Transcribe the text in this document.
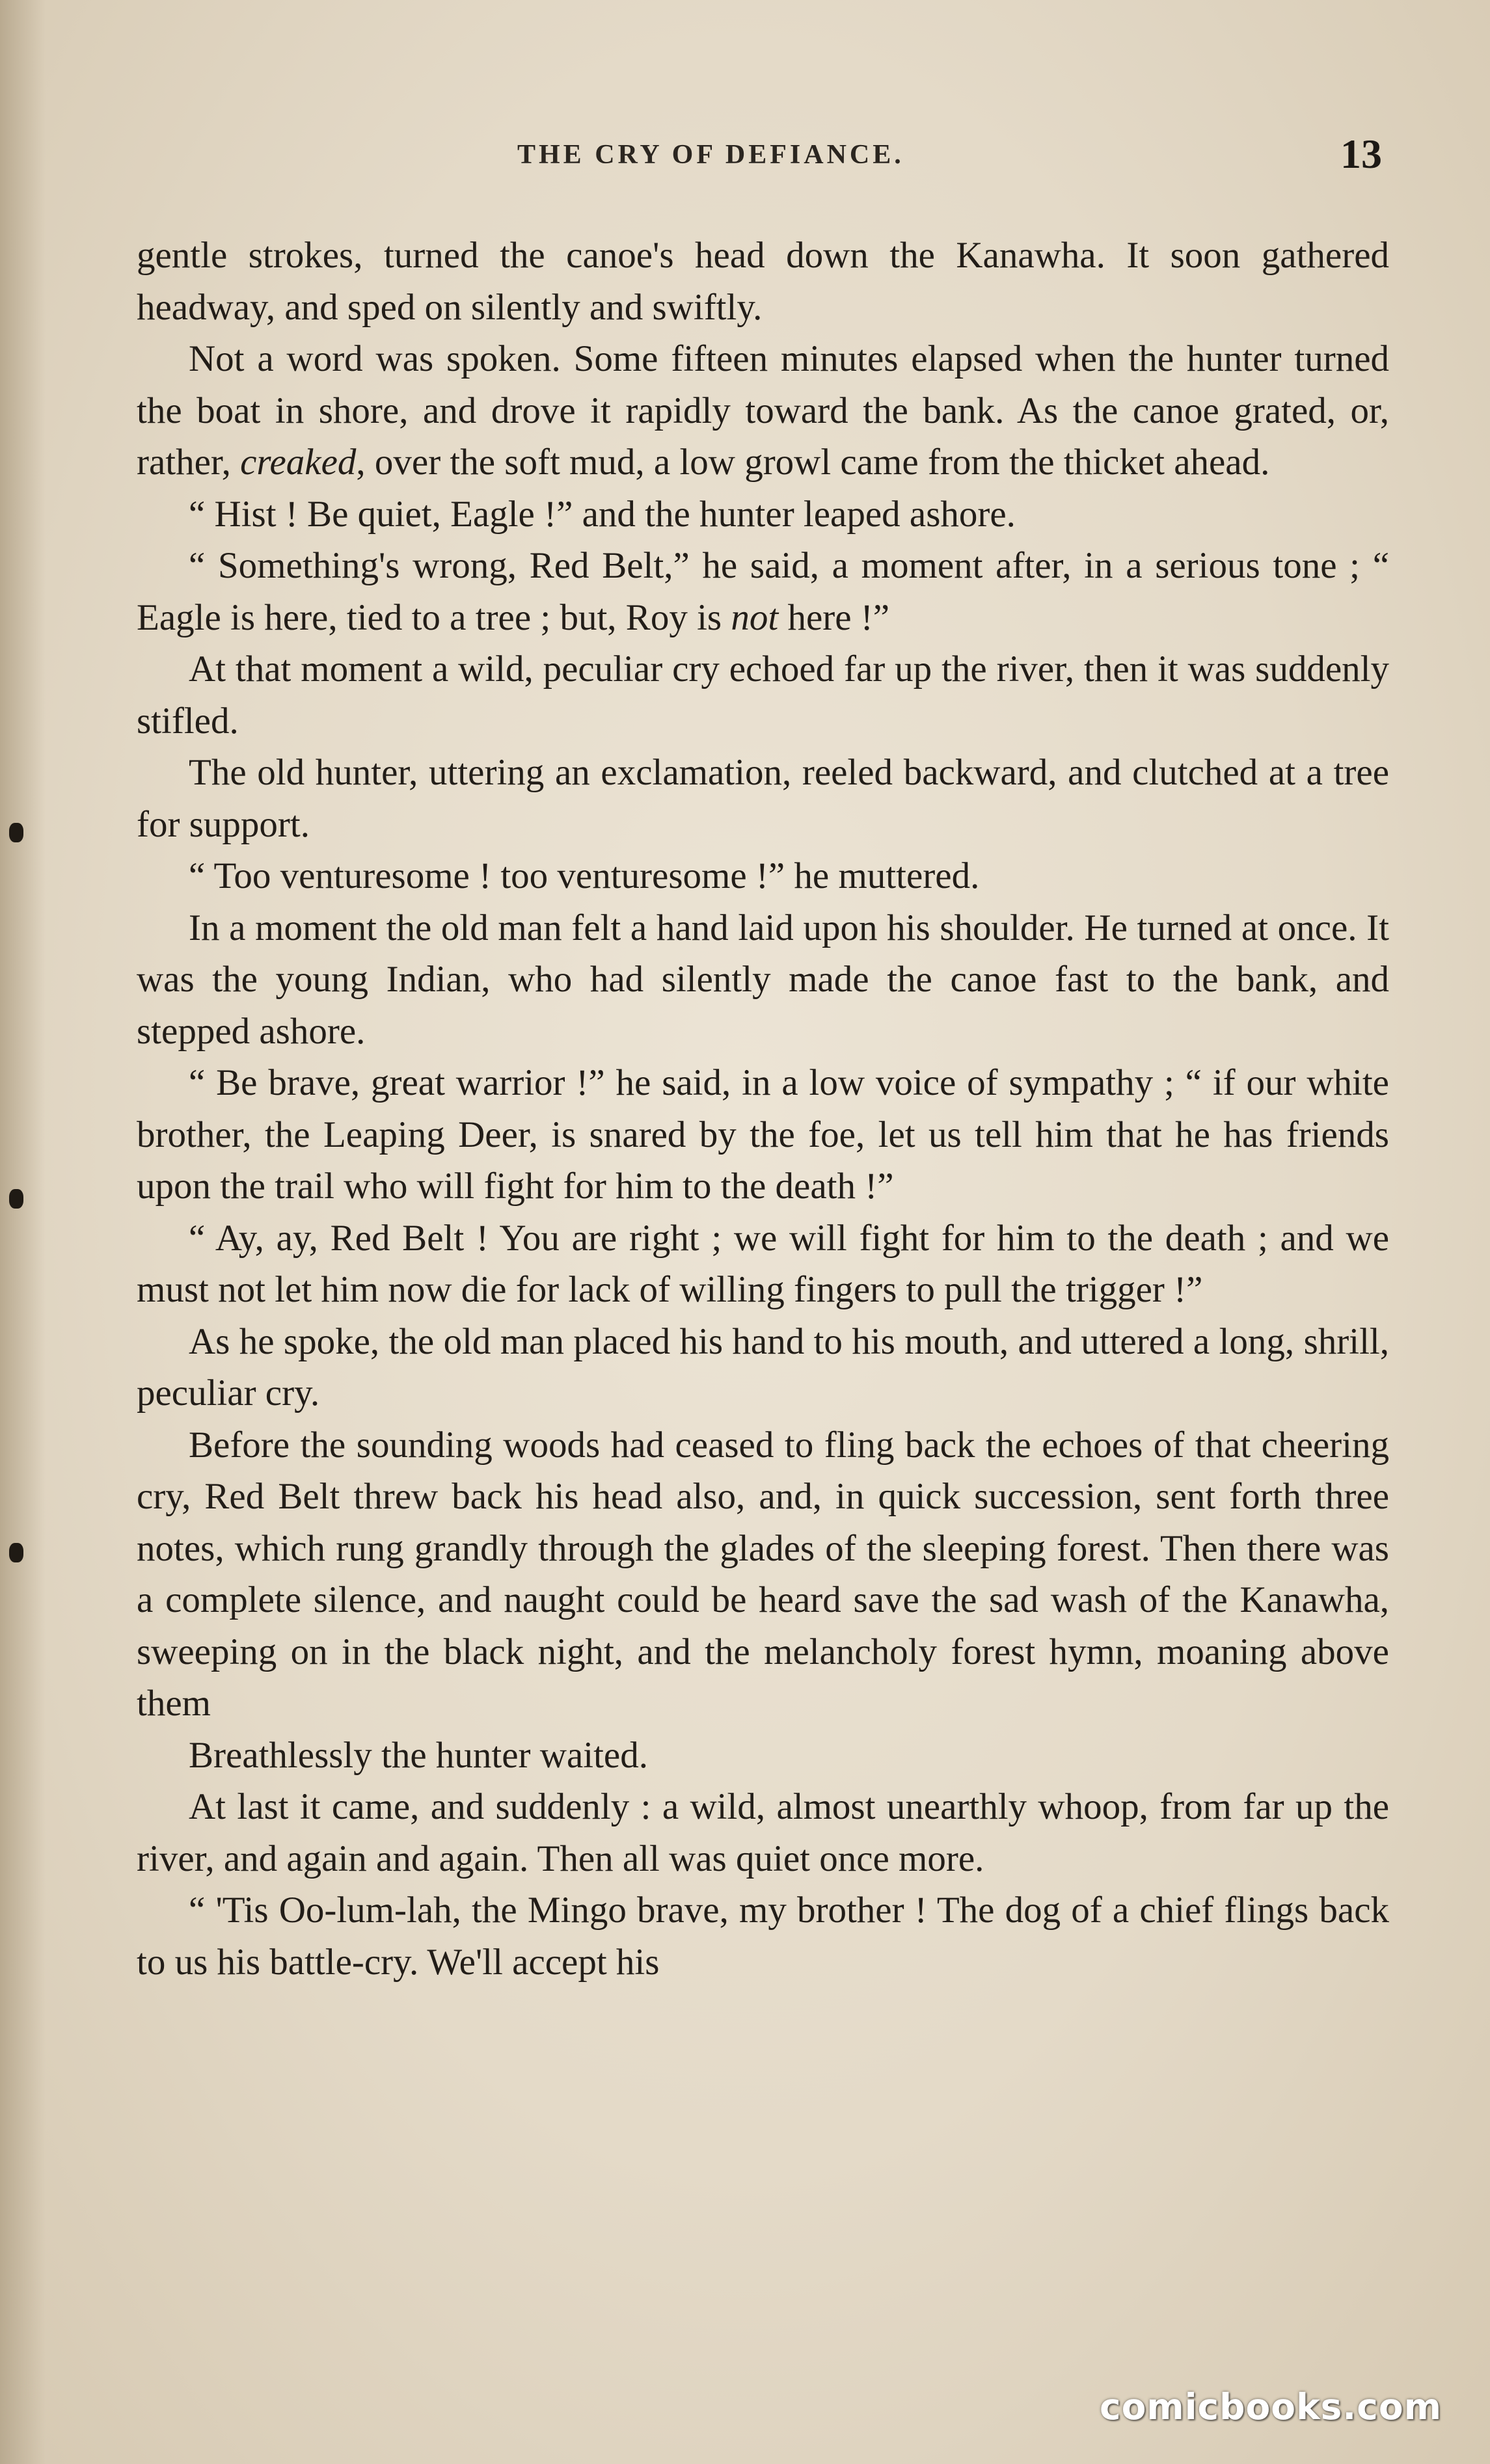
THE CRY OF DEFIANCE.	13

gentle strokes, turned the canoe's head down the Kanawha. It soon gathered headway, and sped on silently and swiftly.

Not a word was spoken. Some fifteen minutes elapsed when the hunter turned the boat in shore, and drove it rapidly toward the bank. As the canoe grated, or, rather, creaked, over the soft mud, a low growl came from the thicket ahead.

“ Hist ! Be quiet, Eagle !” and the hunter leaped ashore.

“ Something's wrong, Red Belt,” he said, a moment after, in a serious tone ; “ Eagle is here, tied to a tree ; but, Roy is not here !”

At that moment a wild, peculiar cry echoed far up the river, then it was suddenly stifled.

The old hunter, uttering an exclamation, reeled backward, and clutched at a tree for support.

“ Too venturesome ! too venturesome !” he muttered.

In a moment the old man felt a hand laid upon his shoulder. He turned at once. It was the young Indian, who had silently made the canoe fast to the bank, and stepped ashore.

“ Be brave, great warrior !” he said, in a low voice of sympathy ; “ if our white brother, the Leaping Deer, is snared by the foe, let us tell him that he has friends upon the trail who will fight for him to the death !”

“ Ay, ay, Red Belt ! You are right ; we will fight for him to the death ; and we must not let him now die for lack of willing fingers to pull the trigger !”

As he spoke, the old man placed his hand to his mouth, and uttered a long, shrill, peculiar cry.

Before the sounding woods had ceased to fling back the echoes of that cheering cry, Red Belt threw back his head also, and, in quick succession, sent forth three notes, which rung grandly through the glades of the sleeping forest. Then there was a complete silence, and naught could be heard save the sad wash of the Kanawha, sweeping on in the black night, and the melancholy forest hymn, moaning above them

Breathlessly the hunter waited.

At last it came, and suddenly : a wild, almost unearthly whoop, from far up the river, and again and again. Then all was quiet once more.

“ 'Tis Oo-lum-lah, the Mingo brave, my brother ! The dog of a chief flings back to us his battle-cry. We'll accept his

comicbooks.com
